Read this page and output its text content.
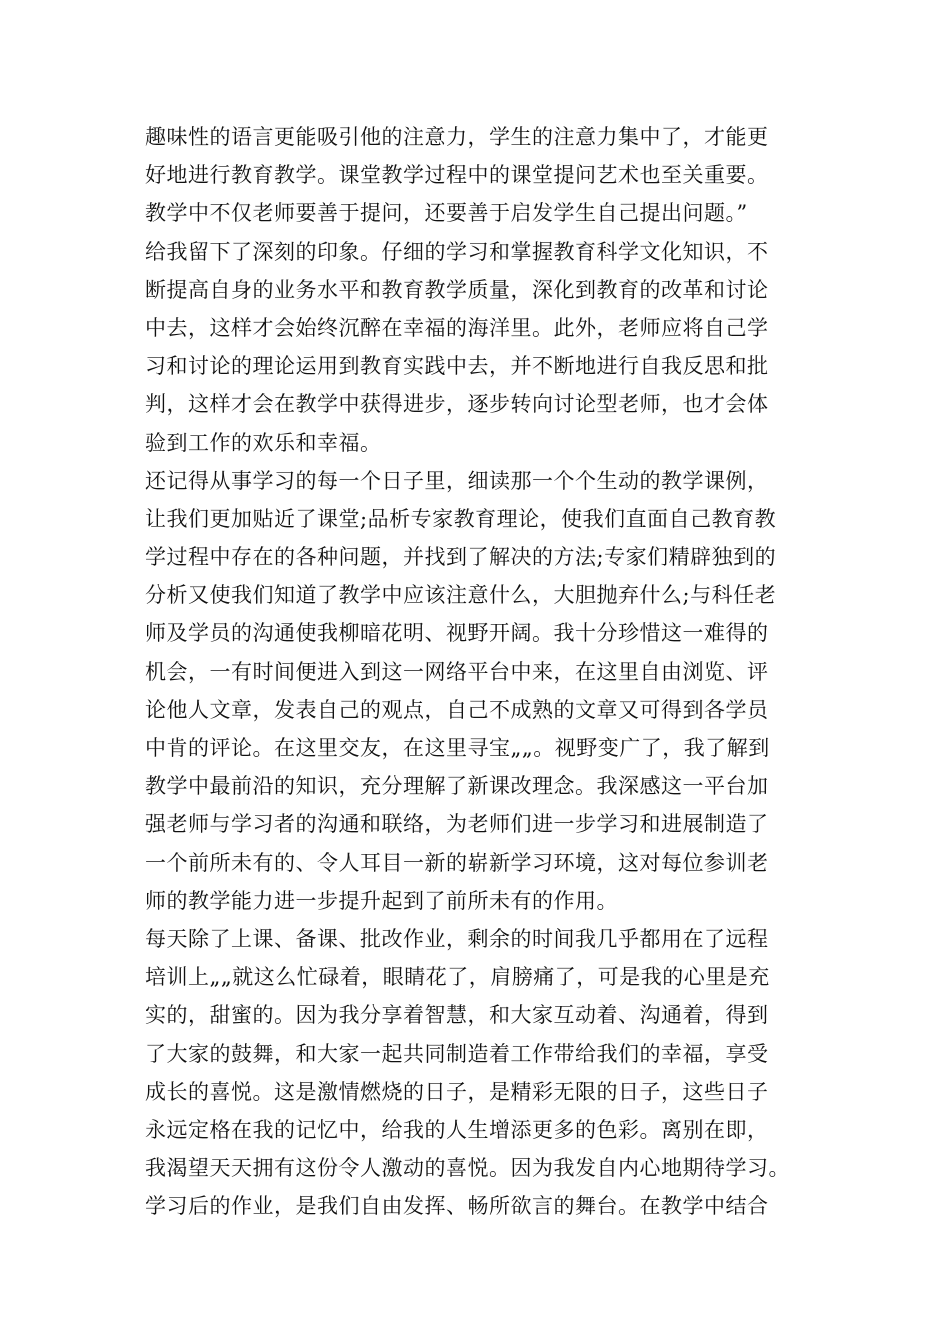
趣味性的语言更能吸引他的注意力，学生的注意力集中了，才能更
好地进行教育教学。课堂教学过程中的课堂提问艺术也至关重要。
教学中不仅老师要善于提问，还要善于启发学生自己提出问题。”
给我留下了深刻的印象。仔细的学习和掌握教育科学文化知识，不
断提高自身的业务水平和教育教学质量，深化到教育的改革和讨论
中去，这样才会始终沉醉在幸福的海洋里。此外，老师应将自己学
习和讨论的理论运用到教育实践中去，并不断地进行自我反思和批
判，这样才会在教学中获得进步，逐步转向讨论型老师，也才会体
验到工作的欢乐和幸福。
还记得从事学习的每一个日子里，细读那一个个生动的教学课例，
让我们更加贴近了课堂;品析专家教育理论，使我们直面自己教育教
学过程中存在的各种问题，并找到了解决的方法;专家们精辟独到的
分析又使我们知道了教学中应该注意什么，大胆抛弃什么;与科任老
师及学员的沟通使我柳暗花明、视野开阔。我十分珍惜这一难得的
机会，一有时间便进入到这一网络平台中来，在这里自由浏览、评
论他人文章，发表自己的观点，自己不成熟的文章又可得到各学员
中肯的评论。在这里交友，在这里寻宝„„。视野变广了，我了解到
教学中最前沿的知识，充分理解了新课改理念。我深感这一平台加
强老师与学习者的沟通和联络，为老师们进一步学习和进展制造了
一个前所未有的、令人耳目一新的崭新学习环境，这对每位参训老
师的教学能力进一步提升起到了前所未有的作用。
每天除了上课、备课、批改作业，剩余的时间我几乎都用在了远程
培训上„„就这么忙碌着，眼睛花了，肩膀痛了，可是我的心里是充
实的，甜蜜的。因为我分享着智慧，和大家互动着、沟通着，得到
了大家的鼓舞，和大家一起共同制造着工作带给我们的幸福，享受
成长的喜悦。这是激情燃烧的日子，是精彩无限的日子，这些日子
永远定格在我的记忆中，给我的人生增添更多的色彩。离别在即，
我渴望天天拥有这份令人激动的喜悦。因为我发自内心地期待学习。
学习后的作业，是我们自由发挥、畅所欲言的舞台。在教学中结合
